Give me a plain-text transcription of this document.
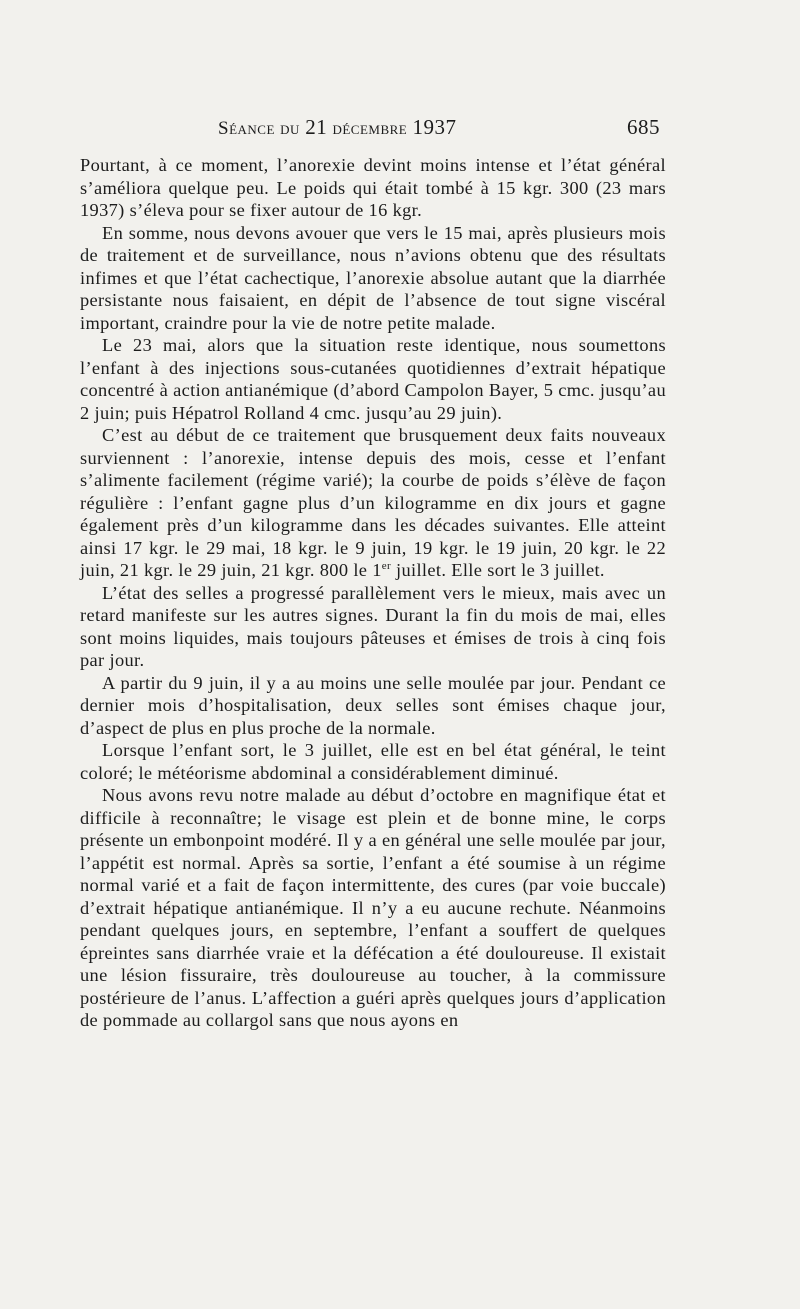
Séance du 21 décembre 1937	685

Pourtant, à ce moment, l’anorexie devint moins intense et l’état général s’améliora quelque peu. Le poids qui était tombé à 15 kgr. 300 (23 mars 1937) s’éleva pour se fixer autour de 16 kgr.

En somme, nous devons avouer que vers le 15 mai, après plusieurs mois de traitement et de surveillance, nous n’avions obtenu que des résultats infimes et que l’état cachectique, l’anorexie absolue autant que la diarrhée persistante nous faisaient, en dépit de l’absence de tout signe viscéral important, craindre pour la vie de notre petite malade.

Le 23 mai, alors que la situation reste identique, nous soumettons l’enfant à des injections sous-cutanées quotidiennes d’extrait hépatique concentré à action antianémique (d’abord Campolon Bayer, 5 cmc. jusqu’au 2 juin; puis Hépatrol Rolland 4 cmc. jusqu’au 29 juin).

C’est au début de ce traitement que brusquement deux faits nouveaux surviennent : l’anorexie, intense depuis des mois, cesse et l’enfant s’alimente facilement (régime varié); la courbe de poids s’élève de façon régulière : l’enfant gagne plus d’un kilogramme en dix jours et gagne également près d’un kilogramme dans les décades suivantes. Elle atteint ainsi 17 kgr. le 29 mai, 18 kgr. le 9 juin, 19 kgr. le 19 juin, 20 kgr. le 22 juin, 21 kgr. le 29 juin, 21 kgr. 800 le 1er juillet. Elle sort le 3 juillet.

L’état des selles a progressé parallèlement vers le mieux, mais avec un retard manifeste sur les autres signes. Durant la fin du mois de mai, elles sont moins liquides, mais toujours pâteuses et émises de trois à cinq fois par jour.

A partir du 9 juin, il y a au moins une selle moulée par jour. Pendant ce dernier mois d’hospitalisation, deux selles sont émises chaque jour, d’aspect de plus en plus proche de la normale.

Lorsque l’enfant sort, le 3 juillet, elle est en bel état général, le teint coloré; le météorisme abdominal a considérablement diminué.

Nous avons revu notre malade au début d’octobre en magnifique état et difficile à reconnaître; le visage est plein et de bonne mine, le corps présente un embonpoint modéré. Il y a en général une selle moulée par jour, l’appétit est normal. Après sa sortie, l’enfant a été soumise à un régime normal varié et a fait de façon intermittente, des cures (par voie buccale) d’extrait hépatique antianémique. Il n’y a eu aucune rechute. Néanmoins pendant quelques jours, en septembre, l’enfant a souffert de quelques épreintes sans diarrhée vraie et la défécation a été douloureuse. Il existait une lésion fissuraire, très douloureuse au toucher, à la commissure postérieure de l’anus. L’affection a guéri après quelques jours d’application de pommade au collargol sans que nous ayons en
